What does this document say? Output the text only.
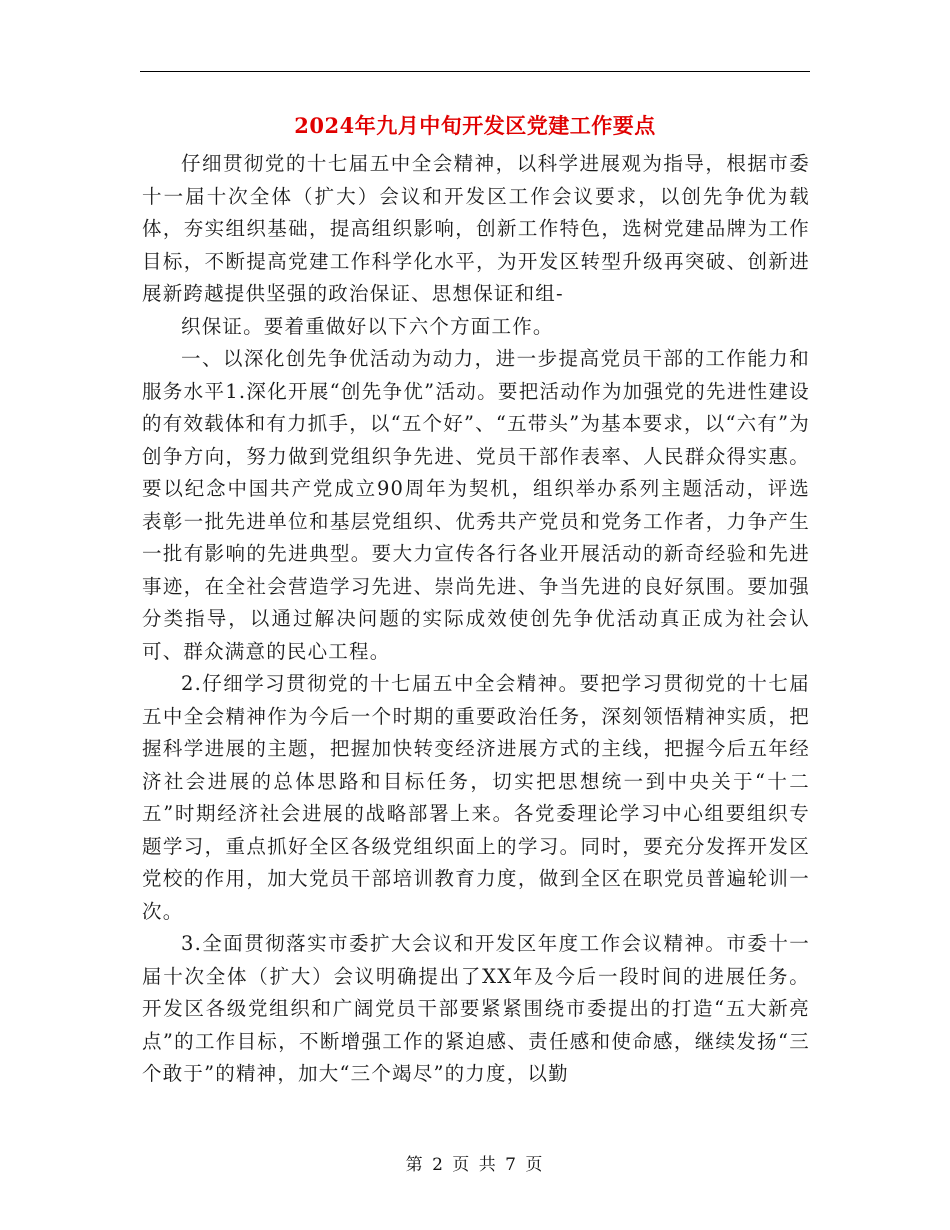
2024年九月中旬开发区党建工作要点

仔细贯彻党的十七届五中全会精神，以科学进展观为指导，根据市委十一届十次全体（扩大）会议和开发区工作会议要求，以创先争优为载体，夯实组织基础，提高组织影响，创新工作特色，选树党建品牌为工作目标，不断提高党建工作科学化水平，为开发区转型升级再突破、创新进展新跨越提供坚强的政治保证、思想保证和组-

织保证。要着重做好以下六个方面工作。

一、以深化创先争优活动为动力，进一步提高党员干部的工作能力和服务水平1.深化开展“创先争优”活动。要把活动作为加强党的先进性建设的有效载体和有力抓手，以“五个好”、“五带头”为基本要求，以“六有”为创争方向，努力做到党组织争先进、党员干部作表率、人民群众得实惠。要以纪念中国共产党成立90周年为契机，组织举办系列主题活动，评选表彰一批先进单位和基层党组织、优秀共产党员和党务工作者，力争产生一批有影响的先进典型。要大力宣传各行各业开展活动的新奇经验和先进事迹，在全社会营造学习先进、崇尚先进、争当先进的良好氛围。要加强分类指导，以通过解决问题的实际成效使创先争优活动真正成为社会认可、群众满意的民心工程。

2.仔细学习贯彻党的十七届五中全会精神。要把学习贯彻党的十七届五中全会精神作为今后一个时期的重要政治任务，深刻领悟精神实质，把握科学进展的主题，把握加快转变经济进展方式的主线，把握今后五年经济社会进展的总体思路和目标任务，切实把思想统一到中央关于“十二五”时期经济社会进展的战略部署上来。各党委理论学习中心组要组织专题学习，重点抓好全区各级党组织面上的学习。同时，要充分发挥开发区党校的作用，加大党员干部培训教育力度，做到全区在职党员普遍轮训一次。

3.全面贯彻落实市委扩大会议和开发区年度工作会议精神。市委十一届十次全体（扩大）会议明确提出了XX年及今后一段时间的进展任务。开发区各级党组织和广阔党员干部要紧紧围绕市委提出的打造“五大新亮点”的工作目标，不断增强工作的紧迫感、责任感和使命感，继续发扬“三个敢于”的精神，加大“三个竭尽”的力度，以勤

第 2 页 共 7 页
